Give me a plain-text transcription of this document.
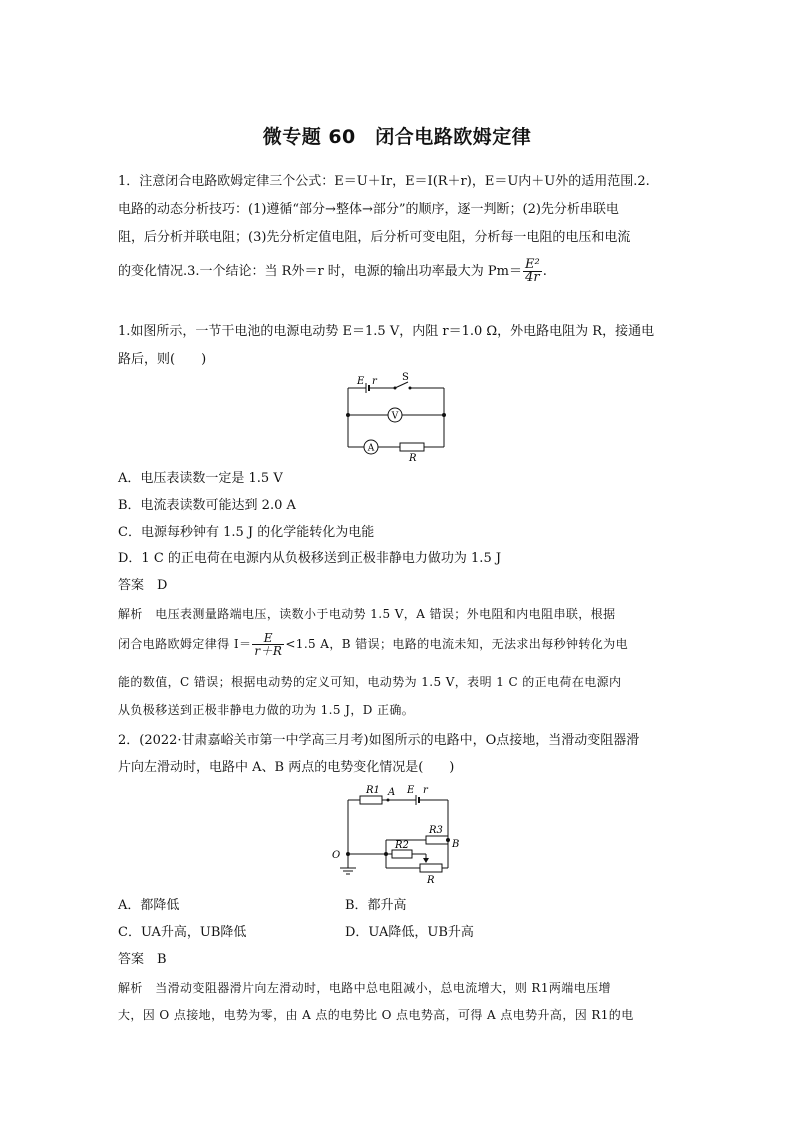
微专题 60　闭合电路欧姆定律
1．注意闭合电路欧姆定律三个公式：E＝U＋Ir，E＝I(R＋r)，E＝U内＋U外的适用范围.2.
电路的动态分析技巧：(1)遵循“部分→整体→部分”的顺序，逐一判断；(2)先分析串联电
阻，后分析并联电阻；(3)先分析定值电阻，后分析可变电阻，分析每一电阻的电压和电流
的变化情况.3.一个结论：当 R外＝r 时，电源的输出功率最大为 $Pm= \frac{\text{E²}}{4r}$ .
1.如图所示，一节干电池的电源电动势 E＝1.5 V，内阻 r＝1.0 Ω，外电路电阻为 R，接通电
路后，则(　　)
E r	S
V
A
R
A．电压表读数一定是 1.5 V
B．电流表读数可能达到 2.0 A
C．电源每秒钟有 1.5 J 的化学能转化为电能
D．1 C 的正电荷在电源内从负极移送到正极非静电力做功为 1.5 J
答案　 D
解析　 电压表测量路端电压，读数小于电动势 1.5 V，A 错误；外电阻和内电阻串联，根据
闭合电路欧姆定律得 $I= \frac{E}{r+R} <1.5$ A，B 错误；电路的电流未知，无法求出每秒钟转化为电
能的数值，C 错误；根据电动势的定义可知，电动势为 1.5 V，表明 1 C 的正电荷在电源内
从负极移送到正极非静电力做的功为 1.5 J，D 正确。
2．(2022·甘肃嘉峪关市第一中学高三月考)如图所示的电路中，O点接地，当滑动变阻器滑
片向左滑动时，电路中 A、B 两点的电势变化情况是(　　)
R1 A E r
R3
B
O
R2
R
A．都降低	B．都升高
C．UA升高，UB降低	D．UA降低，UB升高
答案　 B
解析　 当滑动变阻器滑片向左滑动时，电路中总电阻减小，总电流增大，则 R1两端电压增
大，因 O 点接地，电势为零，由 A 点的电势比 O 点电势高，可得 A 点电势升高，因 R1的电
